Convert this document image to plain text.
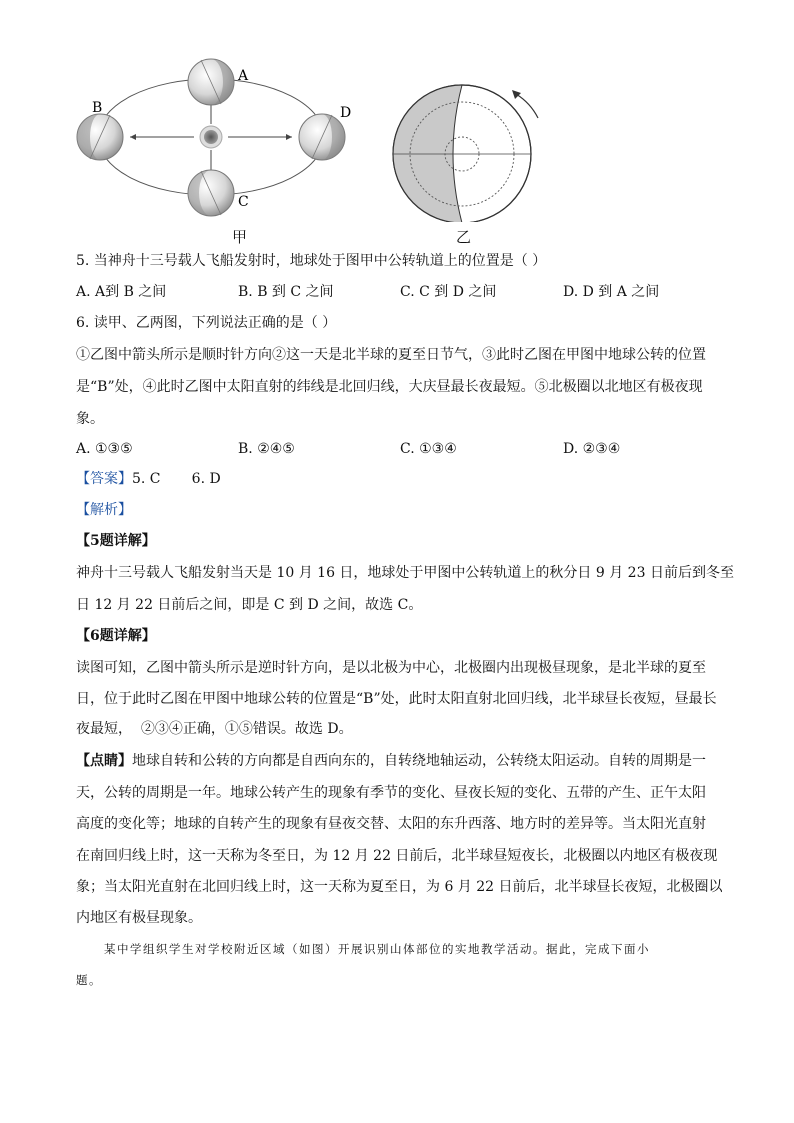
A
B
C
D
甲	乙
5. 当神舟十三号载人飞船发射时，地球处于图甲中公转轨道上的位置是（ ）
A. A到 B 之间	B. B 到 C 之间	C. C 到 D 之间	D. D 到 A 之间
6. 读甲、乙两图，下列说法正确的是（ ）
①乙图中箭头所示是顺时针方向②这一天是北半球的夏至日节气，③此时乙图在甲图中地球公转的位置
是“B”处，④此时乙图中太阳直射的纬线是北回归线，大庆昼最长夜最短。⑤北极圈以北地区有极夜现
象。
A. ①③⑤	B. ②④⑤	C. ①③④	D. ②③④
【答案】5. C       6. D
【解析】
【5题详解】
神舟十三号载人飞船发射当天是 10 月 16 日，地球处于甲图中公转轨道上的秋分日 9 月 23 日前后到冬至
日 12 月 22 日前后之间，即是 C 到 D 之间，故选 C。
【6题详解】
读图可知，乙图中箭头所示是逆时针方向，是以北极为中心，北极圈内出现极昼现象，是北半球的夏至
日，位于此时乙图在甲图中地球公转的位置是“B”处，此时太阳直射北回归线，北半球昼长夜短，昼最长
夜最短，  ②③④正确，①⑤错误。故选 D。
【点睛】地球自转和公转的方向都是自西向东的，自转绕地轴运动，公转绕太阳运动。自转的周期是一
天，公转的周期是一年。地球公转产生的现象有季节的变化、昼夜长短的变化、五带的产生、正午太阳
高度的变化等；地球的自转产生的现象有昼夜交替、太阳的东升西落、地方时的差异等。当太阳光直射
在南回归线上时，这一天称为冬至日，为 12 月 22 日前后，北半球昼短夜长，北极圈以内地区有极夜现
象；当太阳光直射在北回归线上时，这一天称为夏至日，为 6 月 22 日前后，北半球昼长夜短，北极圈以
内地区有极昼现象。
某中学组织学生对学校附近区域（如图）开展识别山体部位的实地教学活动。据此，完成下面小
题。
